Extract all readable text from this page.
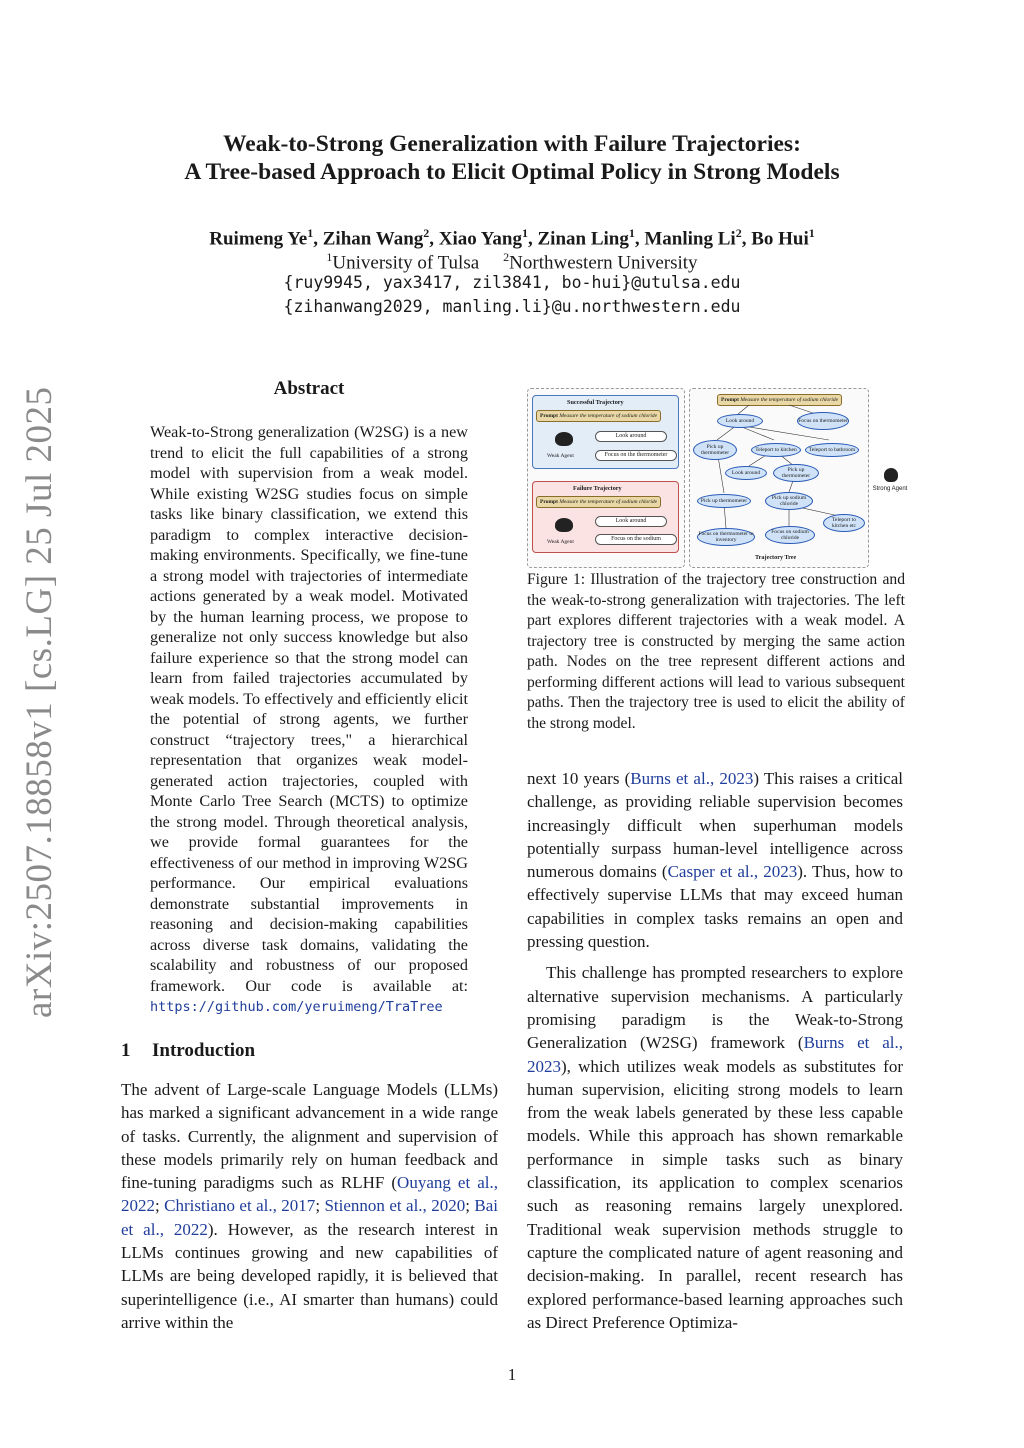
arXiv:2507.18858v1 [cs.LG] 25 Jul 2025
Weak-to-Strong Generalization with Failure Trajectories:
A Tree-based Approach to Elicit Optimal Policy in Strong Models
Ruimeng Ye$^1$, Zihan Wang$^2$, Xiao Yang$^1$, Zinan Ling$^1$, Manling Li$^2$, Bo Hui$^1$
$^1$University of Tulsa $^2$Northwestern University
{ruy9945, yax3417, zil3841, bo-hui}@utulsa.edu
{zihanwang2029, manling.li}@u.northwestern.edu
Abstract
Weak-to-Strong generalization (W2SG) is a new trend to elicit the full capabilities of a strong model with supervision from a weak model. While existing W2SG studies focus on simple tasks like binary classification, we extend this paradigm to complex interactive decision-making environments. Specifically, we fine-tune a strong model with trajectories of intermediate actions generated by a weak model. Motivated by the human learning process, we propose to generalize not only success knowledge but also failure experience so that the strong model can learn from failed trajectories accumulated by weak models. To effectively and efficiently elicit the potential of strong agents, we further construct “trajectory trees," a hierarchical representation that organizes weak model-generated action trajectories, coupled with Monte Carlo Tree Search (MCTS) to optimize the strong model. Through theoretical analysis, we provide formal guarantees for the effectiveness of our method in improving W2SG performance. Our empirical evaluations demonstrate substantial improvements in reasoning and decision-making capabilities across diverse task domains, validating the scalability and robustness of our proposed framework. Our code is available at: https://github.com/yeruimeng/TraTree
1 Introduction
The advent of Large-scale Language Models (LLMs) has marked a significant advancement in a wide range of tasks. Currently, the alignment and supervision of these models primarily rely on human feedback and fine-tuning paradigms such as RLHF (Ouyang et al., 2022; Christiano et al., 2017; Stiennon et al., 2020; Bai et al., 2022). However, as the research interest in LLMs continues growing and new capabilities of LLMs are being developed rapidly, it is believed that superintelligence (i.e., AI smarter than humans) could arrive within the
Successful Trajectory
Prompt Measure the temperature of sodium chloride
Weak Agent
Look around
Focus on the thermometer
Failure Trajectory
Prompt Measure the temperature of sodium chloride
Weak Agent
Look around
Focus on the sodium
Prompt Measure the temperature of sodium chloride
Look around	Focus on thermometer
Pick up thermometer	Teleport to kitchen	Teleport to bathroom
Look around	Pick up thermometer
Pick up thermometer	Pick up sodium chloride
Teleport to kitchen etc
Focus on thermometer in inventory
Focus on sodium chloride
Trajectory Tree
Strong Agent
Figure 1: Illustration of the trajectory tree construction and the weak-to-strong generalization with trajectories. The left part explores different trajectories with a weak model. A trajectory tree is constructed by merging the same action path. Nodes on the tree represent different actions and performing different actions will lead to various subsequent paths. Then the trajectory tree is used to elicit the ability of the strong model.

next 10 years (Burns et al., 2023) This raises a critical challenge, as providing reliable supervision becomes increasingly difficult when superhuman models potentially surpass human-level intelligence across numerous domains (Casper et al., 2023). Thus, how to effectively supervise LLMs that may exceed human capabilities in complex tasks remains an open and pressing question.

This challenge has prompted researchers to explore alternative supervision mechanisms. A particularly promising paradigm is the Weak-to-Strong Generalization (W2SG) framework (Burns et al., 2023), which utilizes weak models as substitutes for human supervision, eliciting strong models to learn from the weak labels generated by these less capable models. While this approach has shown remarkable performance in simple tasks such as binary classification, its application to complex scenarios such as reasoning remains largely unexplored. Traditional weak supervision methods struggle to capture the complicated nature of agent reasoning and decision-making. In parallel, recent research has explored performance-based learning approaches such as Direct Preference Optimiza-

1
